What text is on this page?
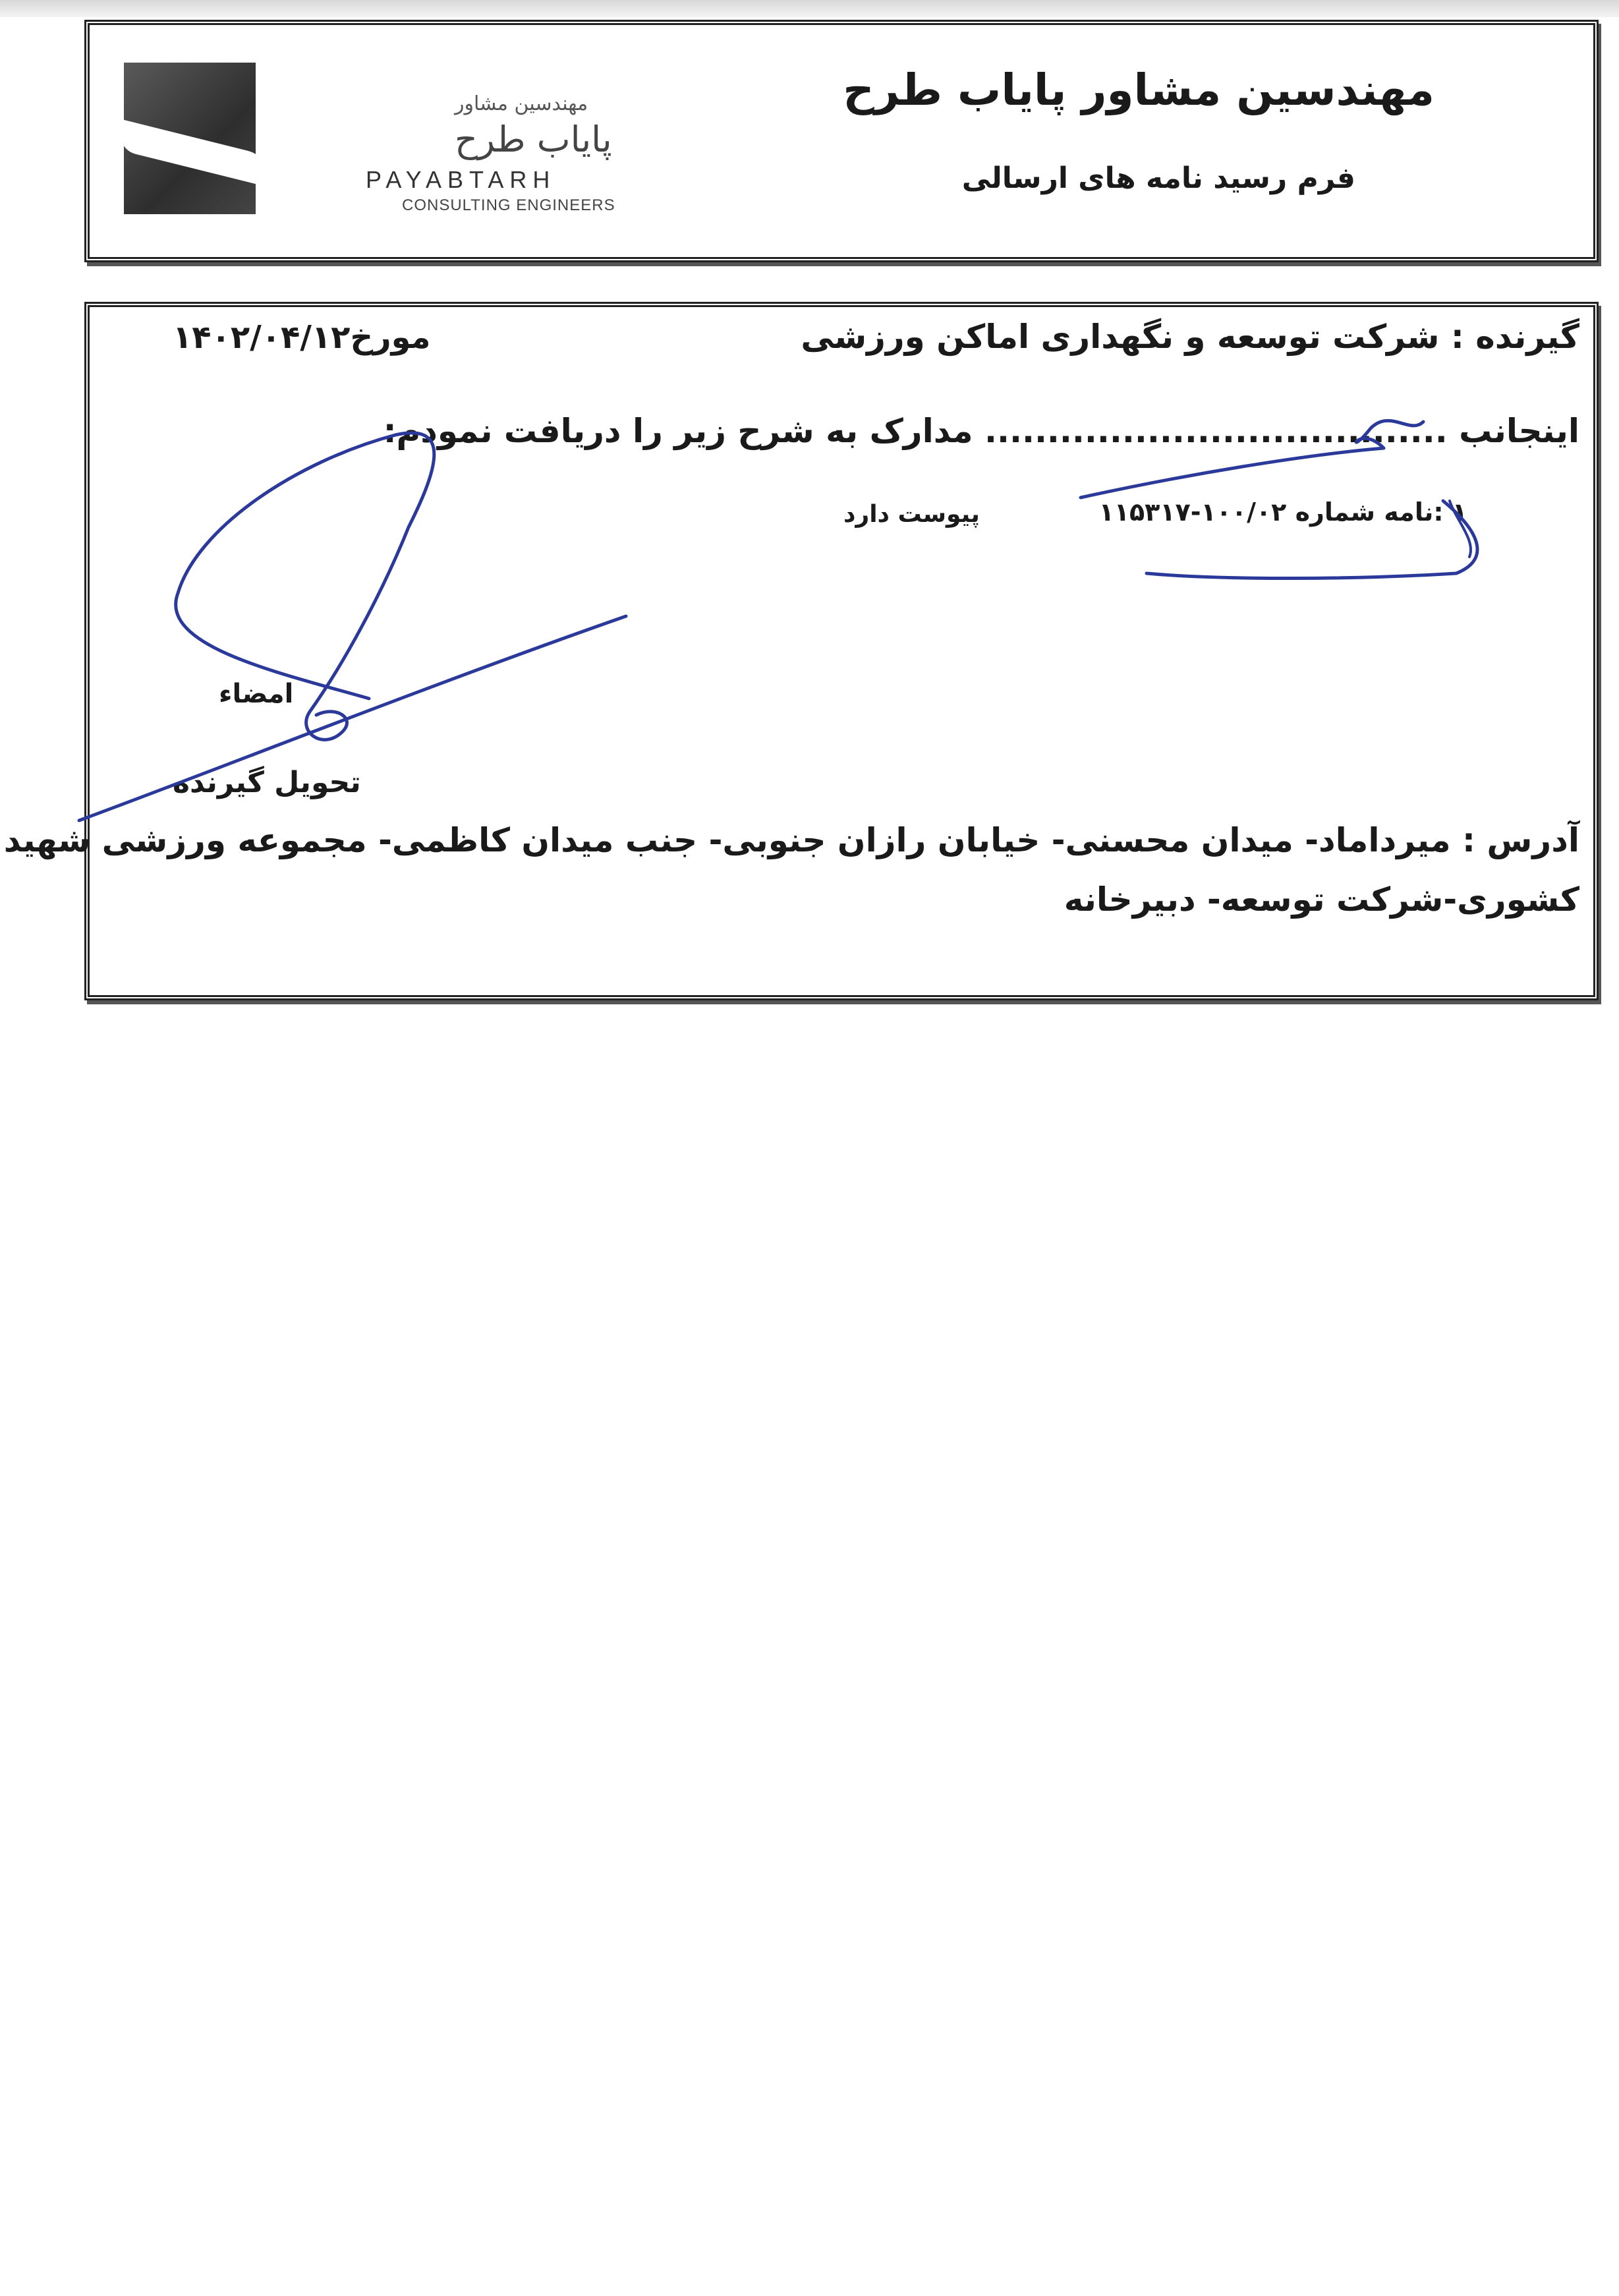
مهندسین مشاور
پایاب طرح
PAYABTARH
CONSULTING ENGINEERS
مهندسین مشاور پایاب طرح
فرم رسید نامه های ارسالی
گیرنده : شرکت توسعه و نگهداری اماکن ورزشی
مورخ۱۴۰۲/۰۴/۱۲
اینجانب ..................................... مدارک به شرح زیر را دریافت نمودم:
۱ :نامه شماره ۱۰۰/۰۲-۱۱۵۳۱۷
پیوست دارد
امضاء
تحویل گیرنده
آدرس : میرداماد- میدان محسنی- خیابان رازان جنوبی- جنب میدان کاظمی- مجموعه ورزشی شهید
کشوری-شرکت توسعه- دبیرخانه
